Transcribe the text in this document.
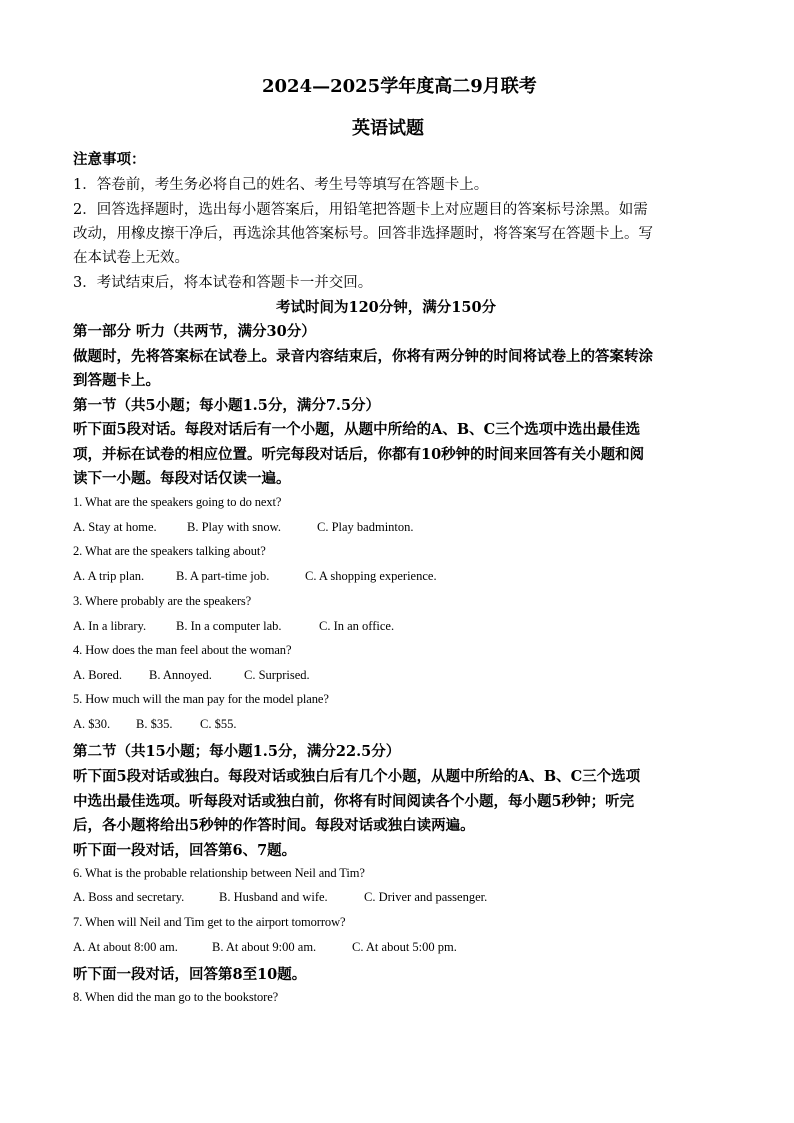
2024—2025学年度高二9月联考
英语试题
注意事项：
1．答卷前，考生务必将自己的姓名、考生号等填写在答题卡上。
2．回答选择题时，选出每小题答案后，用铅笔把答题卡上对应题目的答案标号涂黑。如需
改动，用橡皮擦干净后，再选涂其他答案标号。回答非选择题时，将答案写在答题卡上。写
在本试卷上无效。
3．考试结束后，将本试卷和答题卡一并交回。
考试时间为120分钟，满分150分
第一部分 听力（共两节，满分30分）
做题时，先将答案标在试卷上。录音内容结束后，你将有两分钟的时间将试卷上的答案转涂
到答题卡上。
第一节（共5小题；每小题1.5分，满分7.5分）
听下面5段对话。每段对话后有一个小题，从题中所给的A、B、C三个选项中选出最佳选
项，并标在试卷的相应位置。听完每段对话后，你都有10秒钟的时间来回答有关小题和阅
读下一小题。每段对话仅读一遍。
1. What are the speakers going to do next?
A. Stay at home. B. Play with snow.	C. Play badminton.
2. What are the speakers talking about?
A. A trip plan.	B. A part-time job.	C. A shopping experience.
3. Where probably are the speakers?
A. In a library. B. In a computer lab.	C. In an office.
4. How does the man feel about the woman?
A. Bored. B. Annoyed.	C. Surprised.
5. How much will the man pay for the model plane?
A. $30. B. $35. C. $55.
第二节（共15小题；每小题1.5分，满分22.5分）
听下面5段对话或独白。每段对话或独白后有几个小题，从题中所给的A、B、C三个选项
中选出最佳选项。听每段对话或独白前，你将有时间阅读各个小题，每小题5秒钟；听完
后，各小题将给出5秒钟的作答时间。每段对话或独白读两遍。
听下面一段对话，回答第6、7题。
6. What is the probable relationship between Neil and Tim?
A. Boss and secretary.	B. Husband and wife.	C. Driver and passenger.
7. When will Neil and Tim get to the airport tomorrow?
A. At about 8:00 am.	B. At about 9:00 am.	C. At about 5:00 pm.
听下面一段对话，回答第8至10题。
8. When did the man go to the bookstore?
